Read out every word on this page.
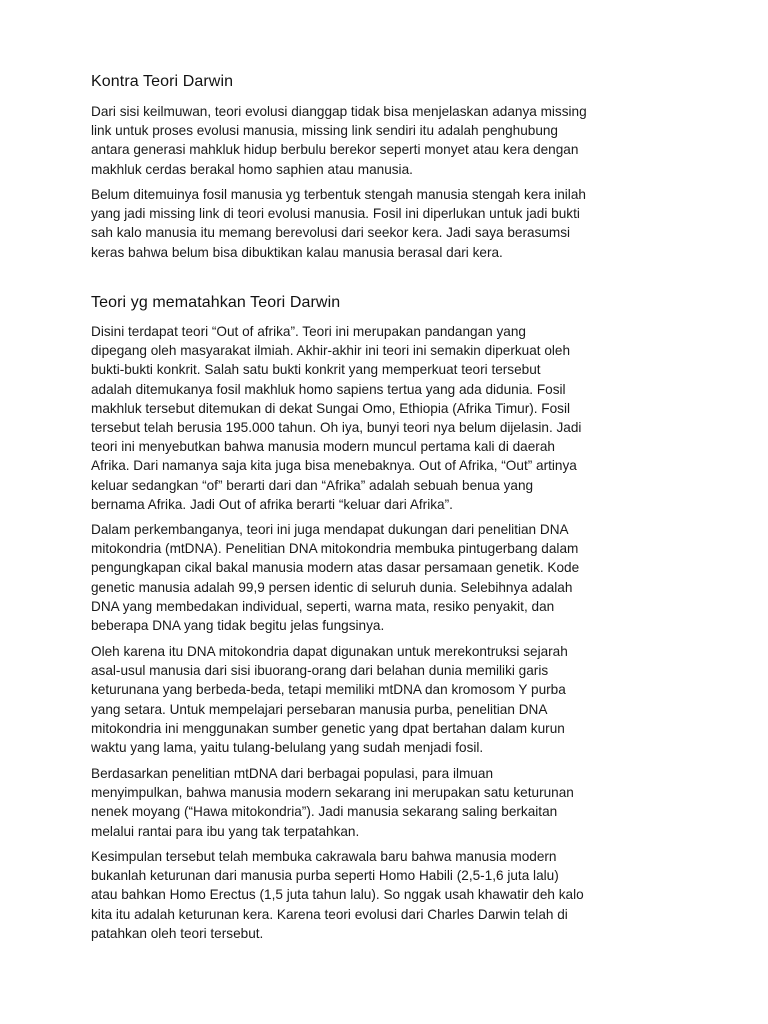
Kontra Teori Darwin

Dari sisi keilmuwan, teori evolusi dianggap tidak bisa menjelaskan adanya missing
link untuk proses evolusi manusia, missing link sendiri itu adalah penghubung
antara generasi mahkluk hidup berbulu berekor seperti monyet atau kera dengan
makhluk cerdas berakal homo saphien atau manusia.

Belum ditemuinya fosil manusia yg terbentuk stengah manusia stengah kera inilah
yang jadi missing link di teori evolusi manusia. Fosil ini diperlukan untuk jadi bukti
sah kalo manusia itu memang berevolusi dari seekor kera. Jadi saya berasumsi
keras bahwa belum bisa dibuktikan kalau manusia berasal dari kera.

Teori yg mematahkan Teori Darwin

Disini terdapat teori “Out of afrika”. Teori ini merupakan pandangan yang
dipegang oleh masyarakat ilmiah. Akhir-akhir ini teori ini semakin diperkuat oleh
bukti-bukti konkrit. Salah satu bukti konkrit yang memperkuat teori tersebut
adalah ditemukanya fosil makhluk homo sapiens tertua yang ada didunia. Fosil
makhluk tersebut ditemukan di dekat Sungai Omo, Ethiopia (Afrika Timur). Fosil
tersebut telah berusia 195.000 tahun. Oh iya, bunyi teori nya belum dijelasin. Jadi
teori ini menyebutkan bahwa manusia modern muncul pertama kali di daerah
Afrika. Dari namanya saja kita juga bisa menebaknya. Out of Afrika, “Out” artinya
keluar sedangkan “of” berarti dari dan “Afrika” adalah sebuah benua yang
bernama Afrika. Jadi Out of afrika berarti “keluar dari Afrika”.

Dalam perkembanganya, teori ini juga mendapat dukungan dari penelitian DNA
mitokondria (mtDNA). Penelitian DNA mitokondria membuka pintugerbang dalam
pengungkapan cikal bakal manusia modern atas dasar persamaan genetik. Kode
genetic manusia adalah 99,9 persen identic di seluruh dunia. Selebihnya adalah
DNA yang membedakan individual, seperti, warna mata, resiko penyakit, dan
beberapa DNA yang tidak begitu jelas fungsinya.

Oleh karena itu DNA mitokondria dapat digunakan untuk merekontruksi sejarah
asal-usul manusia dari sisi ibuorang-orang dari belahan dunia memiliki garis
keturunana yang berbeda-beda, tetapi memiliki mtDNA dan kromosom Y purba
yang setara. Untuk mempelajari persebaran manusia purba, penelitian DNA
mitokondria ini menggunakan sumber genetic yang dpat bertahan dalam kurun
waktu yang lama, yaitu tulang-belulang yang sudah menjadi fosil.

Berdasarkan penelitian mtDNA dari berbagai populasi, para ilmuan
menyimpulkan, bahwa manusia modern sekarang ini merupakan satu keturunan
nenek moyang (“Hawa mitokondria”). Jadi manusia sekarang saling berkaitan
melalui rantai para ibu yang tak terpatahkan.

Kesimpulan tersebut telah membuka cakrawala baru bahwa manusia modern
bukanlah keturunan dari manusia purba seperti Homo Habili (2,5-1,6 juta lalu)
atau bahkan Homo Erectus (1,5 juta tahun lalu). So nggak usah khawatir deh kalo
kita itu adalah keturunan kera. Karena teori evolusi dari Charles Darwin telah di
patahkan oleh teori tersebut.
